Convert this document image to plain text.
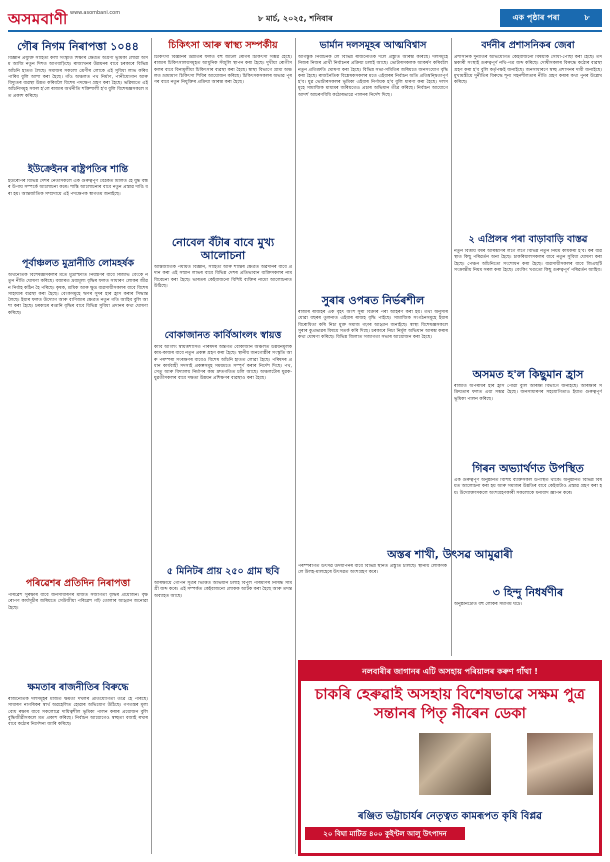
অসমবাণী www.asombani.com
৮ মাৰ্চ, ২০২৫, শনিবাৰ	এক পৃষ্ঠাৰ পৰা	৮
গৌৰ নিগম নিৰাপত্তা ১০৪৪
বিজ্ঞান প্ৰযুক্তি সাহিত্য কলা সংস্কৃতি শিক্ষাৰ ক্ষেত্ৰত অগ্ৰণী ভূমিকা লোৱা অসম আজি নতুন দিশত আগবাঢ়িছে। ৰাজ্যখনৰ উন্নয়নৰ বাবে চৰকাৰে বিভিন্ন আঁচনি হাতত লৈছে। সমাজৰ সকলো শ্ৰেণীৰ লোকে এই সুবিধা লাভ কৰিব পাৰিব বুলি আশা কৰা হৈছে। গাঁও অঞ্চলত পথ নিৰ্মাণ, পানীযোগান আৰু বিদ্যুতৰ ব্যৱস্থা উন্নত কৰিবলৈ বিশেষ পদক্ষেপ গ্ৰহণ কৰা হৈছে। ভৱিষ্যতে এই আঁচনিসমূহ সফল হ'লে ৰাজ্যৰ অৰ্থনীতি শক্তিশালী হ'ব বুলি বিশেষজ্ঞসকলে মত প্ৰকাশ কৰিছে।
ইউক্ৰেইনৰ ৰাষ্ট্ৰপতিৰ শান্তি
ইউৰোপৰ বিভিন্ন দেশৰ নেতাসকলে এক গুৰুত্বপূৰ্ণ বৈঠকত মিলিত হৈ যুদ্ধ বন্ধৰ উপায় সম্পৰ্কে আলোচনা কৰে। শান্তি আলোচনাৰ বাবে নতুন প্ৰস্তাৱ দাঙি ধৰা হয়। আন্তৰ্জাতিক সম্প্ৰদায়ে এই পদক্ষেপক স্বাগতম জনাইছে।
পূৰ্বাঞ্চলত মুদ্ৰানীতি লোমহৰ্ষক
অৰ্থনৈতিক বিশেষজ্ঞসকলৰ মতে মুদ্ৰাস্ফীতি নিয়ন্ত্ৰণৰ বাবে ৰিজাৰ্ভ বেংকে নতুন নীতি ঘোষণা কৰিছে। বজাৰত দ্ৰব্যমূল্য বৃদ্ধিৰ ফলত সাধাৰণ লোকৰ জীৱন নিৰ্বাহ কঠিন হৈ পৰিছে। কৃষক, শ্ৰমিক আৰু ক্ষুদ্ৰ ব্যৱসায়ীসকলৰ বাবে বিশেষ সাহায্যৰ ব্যৱস্থা কৰা হৈছে। বেংকসমূহে ঋণৰ সুদৰ হাৰ হ্ৰাস কৰাৰ সিদ্ধান্ত লৈছে। ইয়াৰ ফলত উদ্যোগ আৰু বাণিজ্যৰ ক্ষেত্ৰত নতুন গতি আহিব বুলি আশা কৰা হৈছে। চৰকাৰে ৰপ্তানি বৃদ্ধিৰ বাবে বিভিন্ন সুবিধা প্ৰদানৰ কথা ঘোষণা কৰিছে।
পৰিৱেশৰ প্ৰতিদিন নিৰাপত্তা
পৰিৱেশ সুৰক্ষাৰ বাবে জনসাধাৰণৰ মাজত সজাগতা বৃদ্ধিৰ প্ৰয়োজন। বৃক্ষৰোপণ কাৰ্যসূচীৰ জৰিয়তে সেউজীয়া পৰিৱেশ গঢ়ি তোলাৰ আহ্বান জনোৱা হৈছে।
ক্ষমতাৰ ৰাজনীতিৰ বিৰুদ্ধে
ৰাজনৈতিক দলসমূহৰ মাজত ক্ষমতা দখলৰ প্ৰতিযোগিতা তীব্ৰ হৈ পৰিছে। সাধাৰণ নাগৰিকৰ স্বাৰ্থ অৱহেলিত হোৱাৰ অভিযোগ উঠিছে। গণতন্ত্ৰৰ মূল্যবোধ ৰক্ষাৰ বাবে সকলোৱে দায়িত্বশীল ভূমিকা পালন কৰাৰ প্ৰয়োজন বুলি বুদ্ধিজীৱীসকলে মত প্ৰকাশ কৰিছে। নিৰ্বাচন আয়োগেও স্বচ্ছতা বজাই ৰখাৰ বাবে কঠোৰ নিৰ্দেশনা জাৰি কৰিছে।
চিকিৎসা আৰু স্বাস্থ্য সম্পৰ্কীয়
চিকিৎসা বিজ্ঞানৰ উন্নতিৰ ফলত বহু জটিল ৰোগৰ চিকিৎসা সম্ভৱ হৈছে। ৰাজ্যৰ চিকিৎসালয়সমূহত আধুনিক সঁজুলি স্থাপন কৰা হৈছে। দুখীয়া ৰোগীসকলৰ বাবে বিনামূলীয়া চিকিৎসাৰ ব্যৱস্থা কৰা হৈছে। স্বাস্থ্য বিভাগে গ্ৰাম্য অঞ্চলত ভ্ৰাম্যমাণ চিকিৎসা শিবিৰ আয়োজন কৰিছে। চিকিৎসকসকলৰ অভাৱ পূৰণৰ বাবে নতুন নিযুক্তিৰ প্ৰক্ৰিয়া আৰম্ভ কৰা হৈছে।
নোবেল বঁটাৰ বাবে মুখ্য আলোচনা
আন্তৰ্জাতিক পৰ্যায়ত বিজ্ঞান, সাহিত্য আৰু শান্তিৰ ক্ষেত্ৰত অৱদানৰ বাবে প্ৰদান কৰা এই সন্মান লাভৰ বাবে বিভিন্ন দেশৰ প্ৰতিভাবান ব্যক্তিসকলৰ নাম বিবেচনা কৰা হৈছে। ভাৰতৰ কেইবাজনো বিশিষ্ট ব্যক্তিৰ নামো আলোচনাত উঠিছে।
বোকাজানত কাৰ্বিআংলং স্বায়ত্ত
কাৰ্বি আংলং স্বায়ত্তশাসিত পৰিষদৰ অন্তৰ্গত বোকাজান অঞ্চলত উন্নয়নমূলক কাম-কাজৰ বাবে নতুন প্ৰকল্প গ্ৰহণ কৰা হৈছে। স্থানীয় জনগোষ্ঠীৰ সংস্কৃতি আৰু পৰম্পৰা সংৰক্ষণৰ বাবেও বিশেষ আঁচনি হাতত লোৱা হৈছে। পৰিষদৰ প্ৰধান কাৰ্যবাহী সদস্যই প্ৰকল্পসমূহ সময়মতে সম্পূৰ্ণ কৰাৰ নিৰ্দেশ দিছে। পথ, সেতু আৰু বিদ্যালয় নিৰ্মাণৰ কাম দ্ৰুতগতিত চলি আছে। অঞ্চলটোৰ যুৱক-যুৱতীসকলৰ বাবে দক্ষতা উন্নয়ন প্ৰশিক্ষণৰ ব্যৱস্থাও কৰা হৈছে।
৫ মিনিটৰ প্ৰায় ২৫০ গ্ৰাম ছবি
আৰক্ষীয়ে গোপন সূত্ৰৰ ভিত্তিত অভিযান চলাই বিপুল পৰিমাণৰ নিষিদ্ধ সামগ্ৰী জব্দ কৰে। এই সম্পৰ্কত কেইবাজনো লোকক আটক কৰা হৈছে আৰু তদন্ত অব্যাহত আছে।
ভাৰ্মান দলসমূহৰ আত্মবিশ্বাস
আগন্তুক নিৰ্বাচনক লৈ বিভিন্ন ৰাজনৈতিক দলে প্ৰস্তুতি আৰম্ভ কৰিছে। দলসমূহে নিজৰ নিজৰ প্ৰাৰ্থী নিৰ্বাচনৰ প্ৰক্ৰিয়া চলাই আছে। ভোটাৰসকলক আকৰ্ষণ কৰিবলৈ নতুন প্ৰতিশ্ৰুতি ঘোষণা কৰা হৈছে। বিভিন্ন সভা-সমিতিৰ জৰিয়তে জনসংযোগ বৃদ্ধি কৰা হৈছে। ৰাজনৈতিক বিশ্লেষকসকলৰ মতে এইবাৰৰ নিৰ্বাচন অতি প্ৰতিদ্বন্দ্বিতাপূৰ্ণ হ'ব। যুৱ ভোটাৰসকলৰ ভূমিকা এইবাৰ নিৰ্ণায়ক হ'ব বুলি ধাৰণা কৰা হৈছে। দলসমূহে সামাজিক মাধ্যমৰ জৰিয়তেও প্ৰচাৰ অভিযান তীব্ৰ কৰিছে। নিৰ্বাচন আয়োগে আদৰ্শ আচৰণবিধি কঠোৰভাৱে পালনৰ নিৰ্দেশ দিছে।
সুৰাৰ ওপৰত নিৰ্ভৰশীল
ৰাজ্যৰ ৰাজহৰ এক বৃহৎ অংশ সুৰা বিক্ৰীৰ পৰা আহৰণ কৰা হয়। তথ্য অনুসৰি যোৱা বছৰৰ তুলনাত এইবাৰ ৰাজহ বৃদ্ধি পাইছে। সামাজিক সংগঠনসমূহে ইয়াৰ বিৰোধিতা কৰি নিচা মুক্ত সমাজ গঢ়াৰ আহ্বান জনাইছে। স্বাস্থ্য বিশেষজ্ঞসকলে সুৰাৰ কুপ্ৰভাৱৰ বিষয়ে সতৰ্ক কৰি দিছে। চৰকাৰে নিচা নিৰ্মূল অভিযান আৰম্ভ কৰাৰ কথা ঘোষণা কৰিছে। বিভিন্ন জিলাত সজাগতা সভাৰ আয়োজন কৰা হৈছে।
অস্তৰ শাখী, উৎসৱ আমুৱাৰী
পৰম্পৰাগত উৎসৱ উদযাপনৰ বাবে বিভিন্ন স্থানত প্ৰস্তুতি চলিছে। স্থানীয় লোকসকলে উলহ-মালহেৰে উৎসৱত অংশগ্ৰহণ কৰে।
বৰ্দনীৰ প্ৰশাসনিকৰ জেৰা
প্ৰশাসনিক দুৰ্নীতিৰ অভিযোগত কেইবাজনো বিষয়াক সোধা-পোছা কৰা হৈছে। তদন্তকাৰী সংস্থাই গুৰুত্বপূৰ্ণ নথি-পত্ৰ জব্দ কৰিছে। দোষীসকলৰ বিৰুদ্ধে কঠোৰ ব্যৱস্থা গ্ৰহণ কৰা হ'ব বুলি কৰ্তৃপক্ষই জনাইছে। জনসাধাৰণে স্বচ্ছ প্ৰশাসনৰ দাবী জনাইছে। মুখ্যমন্ত্ৰীয়ে দুৰ্নীতিৰ বিৰুদ্ধে শূন্য সহনশীলতাৰ নীতি গ্ৰহণ কৰাৰ কথা পুনৰ উল্লেখ কৰিছে।
২ এপ্ৰিলৰ পৰা বাড়াবাড়ি বাস্তৱ
নতুন বিত্তীয় বৰ্ষৰ আৰম্ভণিৰ লগে লগে বিভিন্ন নতুন নিয়ম কাৰ্যকৰী হ'ব। কৰ ব্যৱস্থাত কিছু পৰিৱৰ্তন অনা হৈছে। চাকৰিয়ালসকলৰ বাবে নতুন সুবিধা ঘোষণা কৰা হৈছে। পেঞ্চন আঁচনিতো সংশোধন কৰা হৈছে। ব্যৱসায়ীসকলৰ বাবে জিএছটি সংক্ৰান্তীয় নিয়ম সৰল কৰা হৈছে। বেংকিং খণ্ডতো কিছু গুৰুত্বপূৰ্ণ পৰিৱৰ্তন আহিব।
অসমত হ'ল কিছুমান হ্ৰাস
ৰাজ্যত অপৰাধৰ হাৰ হ্ৰাস পোৱা বুলি আৰক্ষী বিভাগে জনাইছে। আৰক্ষীৰ সক্ৰিয়তাৰ ফলত এয়া সম্ভৱ হৈছে। জনসাধাৰণৰ সহযোগিতাও ইয়াত গুৰুত্বপূৰ্ণ ভূমিকা পালন কৰিছে।
গিৰন অভ্যাৰ্থণত উপস্থিত
এক গুৰুত্বপূৰ্ণ অনুষ্ঠানত বিশিষ্ট ব্যক্তিসকল উপস্থিত থাকে। অনুষ্ঠানত বিভিন্ন বিষয়ত আলোচনা কৰা হয় আৰু সমাজৰ উন্নতিৰ বাবে কেইবাটাও প্ৰস্তাৱ গ্ৰহণ কৰা হয়। উদ্যোক্তাসকলে অংশগ্ৰহণকাৰী সকলোকে ধন্যবাদ জ্ঞাপন কৰে।
৩ হিন্দু নিধৰ্ষণীৰ
অনুষ্ঠানটোত বহু লোকৰ সমাগম ঘটে।
নলবাৰীৰ জাগানৰ এটি অসহায় পৰিয়ালৰ কৰুণ গাঁথা !
চাকৰি হেৰুৱাই অসহায় বিশেষভাৱে সক্ষম পুত্ৰ সন্তানৰ পিতৃ নীৰেন ডেকা
ৰঞ্জিত ভট্টাচাৰ্যৰ নেতৃত্বত কামৰূপত কৃষি বিপ্লৱ
২০ বিঘা মাটিত ৪০০ কুইণ্টল আলু উৎপাদন
